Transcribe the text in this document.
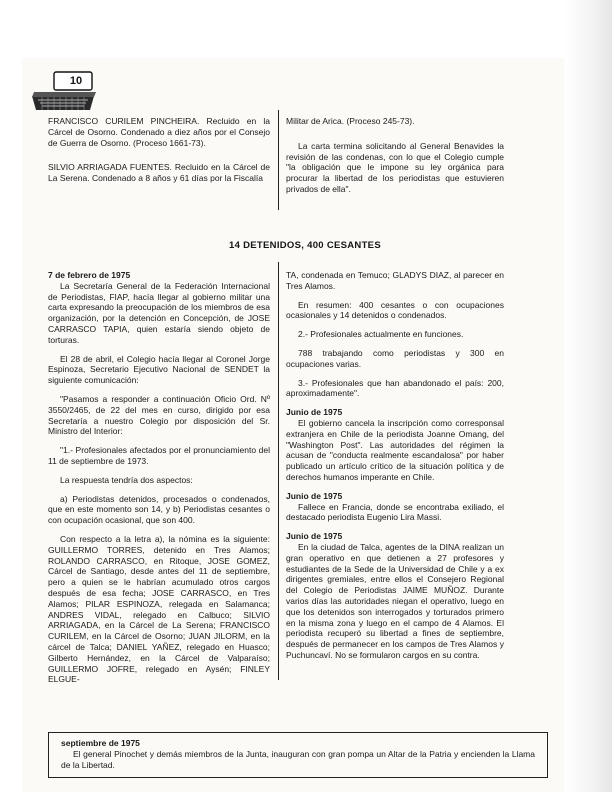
10

FRANCISCO CURILEM PINCHEIRA. Recluido en la Cárcel de Osorno. Condenado a diez años por el Consejo de Guerra de Osorno. (Proceso 1661-73).

SILVIO ARRIAGADA FUENTES. Recluido en la Cárcel de La Serena. Condenado a 8 años y 61 días por la Fiscalía

Militar de Arica. (Proceso 245-73).

La carta termina solicitando al General Benavides la revisión de las condenas, con lo que el Colegio cumple "la obligación que le impone su ley orgánica para procurar la libertad de los periodistas que estuvieren privados de ella".

14 DETENIDOS, 400 CESANTES

7 de febrero de 1975

La Secretaría General de la Federación Internacional de Periodistas, FIAP, hacía llegar al gobierno militar una carta expresando la preocupación de los miembros de esa organización, por la detención en Concepción, de JOSE CARRASCO TAPIA, quien estaría siendo objeto de torturas.

El 28 de abril, el Colegio hacía llegar al Coronel Jorge Espinoza, Secretario Ejecutivo Nacional de SENDET la siguiente comunicación:

"Pasamos a responder a continuación Oficio Ord. Nº 3550/2465, de 22 del mes en curso, dirigido por esa Secretaría a nuestro Colegio por disposición del Sr. Ministro del Interior:

"1.- Profesionales afectados por el pronunciamiento del 11 de septiembre de 1973.

La respuesta tendría dos aspectos:

a) Periodistas detenidos, procesados o condenados, que en este momento son 14, y b) Periodistas cesantes o con ocupación ocasional, que son 400.

Con respecto a la letra a), la nómina es la siguiente: GUILLERMO TORRES, detenido en Tres Alamos; ROLANDO CARRASCO, en Ritoque, JOSE GOMEZ, Cárcel de Santiago, desde antes del 11 de septiembre, pero a quien se le habrían acumulado otros cargos después de esa fecha; JOSE CARRASCO, en Tres Alamos; PILAR ESPINOZA, relegada en Salamanca; ANDRES VIDAL, relegado en Calbuco; SILVIO ARRIAGADA, en la Cárcel de La Serena; FRANCISCO CURILEM, en la Cárcel de Osorno; JUAN JILORM, en la cárcel de Talca; DANIEL YAÑEZ, relegado en Huasco; Gilberto Hernández, en la Cárcel de Valparaíso; GUILLERMO JOFRE, relegado en Aysén; FINLEY ELGUE-

TA, condenada en Temuco; GLADYS DIAZ, al parecer en Tres Alamos.

En resumen: 400 cesantes o con ocupaciones ocasionales y 14 detenidos o condenados.

2.- Profesionales actualmente en funciones.

788 trabajando como periodistas y 300 en ocupaciones varias.

3.- Profesionales que han abandonado el país: 200, aproximadamente".

Junio de 1975

El gobierno cancela la inscripción como corresponsal extranjera en Chile de la periodista Joanne Omang, del "Washington Post". Las autoridades del régimen la acusan de "conducta realmente escandalosa" por haber publicado un artículo crítico de la situación política y de derechos humanos imperante en Chile.

Junio de 1975

Fallece en Francia, donde se encontraba exiliado, el destacado periodista Eugenio Lira Massi.

Junio de 1975

En la ciudad de Talca, agentes de la DINA realizan un gran operativo en que detienen a 27 profesores y estudiantes de la Sede de la Universidad de Chile y a ex dirigentes gremiales, entre ellos el Consejero Regional del Colegio de Periodistas JAIME MUÑOZ. Durante varios días las autoridades niegan el operativo, luego en que los detenidos son interrogados y torturados primero en la misma zona y luego en el campo de 4 Alamos. El periodista recuperó su libertad a fines de septiembre, después de permanecer en los campos de Tres Alamos y Puchuncaví. No se formularon cargos en su contra.

septiembre de 1975

El general Pinochet y demás miembros de la Junta, inauguran con gran pompa un Altar de la Patria y encienden la Llama de la Libertad.
